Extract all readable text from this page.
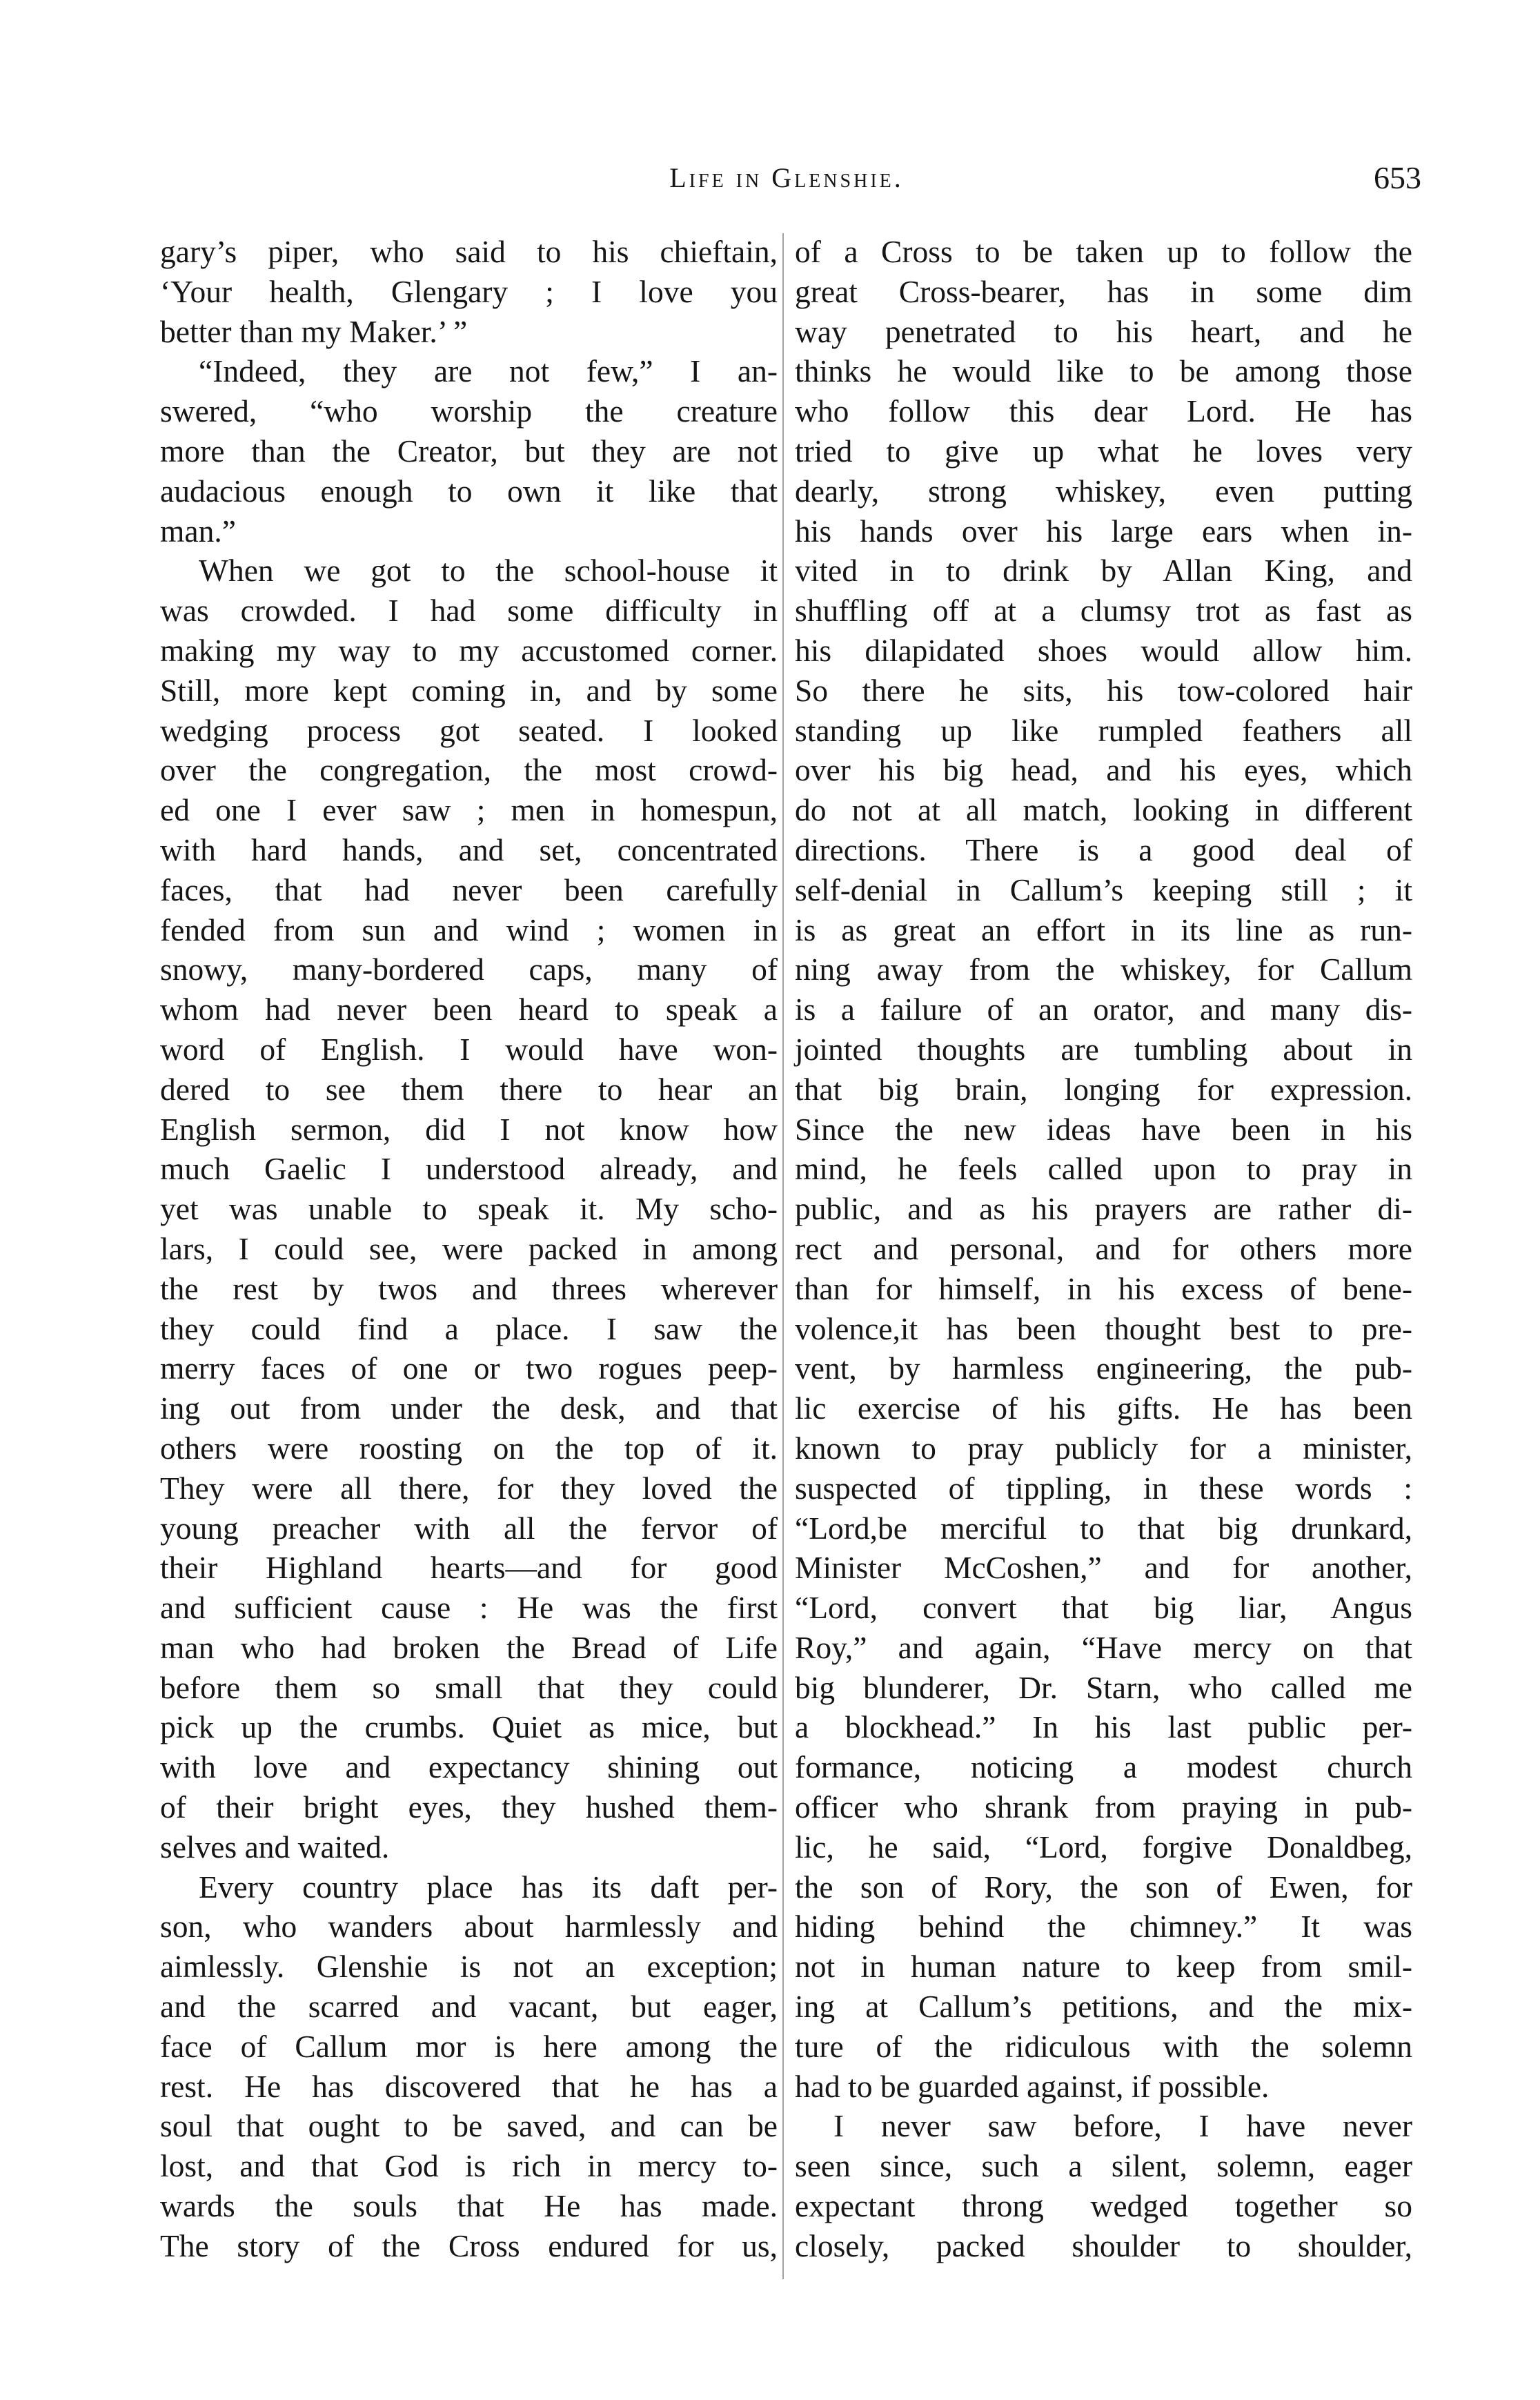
Life in Glenshie.	653
gary’s piper, who said to his chieftain,
‘Your health, Glengary ; I love you
better than my Maker.’ ”
“Indeed, they are not few,” I an-
swered, “who worship the creature
more than the Creator, but they are not
audacious enough to own it like that
man.”
When we got to the school-house it
was crowded. I had some difficulty in
making my way to my accustomed corner.
Still, more kept coming in, and by some
wedging process got seated. I looked
over the congregation, the most crowd-
ed one I ever saw ; men in homespun,
with hard hands, and set, concentrated
faces, that had never been carefully
fended from sun and wind ; women in
snowy, many-bordered caps, many of
whom had never been heard to speak a
word of English. I would have won-
dered to see them there to hear an
English sermon, did I not know how
much Gaelic I understood already, and
yet was unable to speak it. My scho-
lars, I could see, were packed in among
the rest by twos and threes wherever
they could find a place. I saw the
merry faces of one or two rogues peep-
ing out from under the desk, and that
others were roosting on the top of it.
They were all there, for they loved the
young preacher with all the fervor of
their Highland hearts—and for good
and sufficient cause : He was the first
man who had broken the Bread of Life
before them so small that they could
pick up the crumbs. Quiet as mice, but
with love and expectancy shining out
of their bright eyes, they hushed them-
selves and waited.
Every country place has its daft per-
son, who wanders about harmlessly and
aimlessly. Glenshie is not an exception;
and the scarred and vacant, but eager,
face of Callum mor is here among the
rest. He has discovered that he has a
soul that ought to be saved, and can be
lost, and that God is rich in mercy to-
wards the souls that He has made.
The story of the Cross endured for us,
of a Cross to be taken up to follow the
great Cross-bearer, has in some dim
way penetrated to his heart, and he
thinks he would like to be among those
who follow this dear Lord. He has
tried to give up what he loves very
dearly, strong whiskey, even putting
his hands over his large ears when in-
vited in to drink by Allan King, and
shuffling off at a clumsy trot as fast as
his dilapidated shoes would allow him.
So there he sits, his tow-colored hair
standing up like rumpled feathers all
over his big head, and his eyes, which
do not at all match, looking in different
directions. There is a good deal of
self-denial in Callum’s keeping still ; it
is as great an effort in its line as run-
ning away from the whiskey, for Callum
is a failure of an orator, and many dis-
jointed thoughts are tumbling about in
that big brain, longing for expression.
Since the new ideas have been in his
mind, he feels called upon to pray in
public, and as his prayers are rather di-
rect and personal, and for others more
than for himself, in his excess of bene-
volence,it has been thought best to pre-
vent, by harmless engineering, the pub-
lic exercise of his gifts. He has been
known to pray publicly for a minister,
suspected of tippling, in these words :
“Lord,be merciful to that big drunkard,
Minister McCoshen,” and for another,
“Lord, convert that big liar, Angus
Roy,” and again, “Have mercy on that
big blunderer, Dr. Starn, who called me
a blockhead.” In his last public per-
formance, noticing a modest church
officer who shrank from praying in pub-
lic, he said, “Lord, forgive Donaldbeg,
the son of Rory, the son of Ewen, for
hiding behind the chimney.” It was
not in human nature to keep from smil-
ing at Callum’s petitions, and the mix-
ture of the ridiculous with the solemn
had to be guarded against, if possible.
I never saw before, I have never
seen since, such a silent, solemn, eager
expectant throng wedged together so
closely, packed shoulder to shoulder,
